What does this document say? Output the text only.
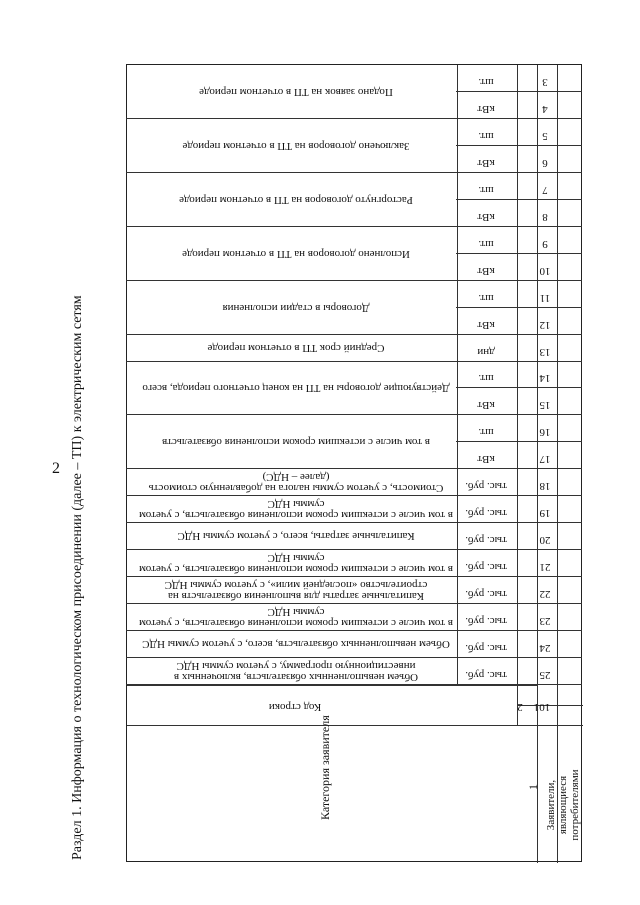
2 Раздел 1. Информация о технологическом присоединении (далее – ТП) к электрическим сетям
Подано заявок на ТП в отчетном периоде
шт.	3
кВт	4
Заключено договоров на ТП в отчетном периоде
шт.	5
кВт	6
Расторгнуто договоров на ТП в отчетном периоде
шт.	7
кВт	8
Исполнено договоров на ТП в отчетном периоде
шт.	9
кВт	10
Договоры в стадии исполнения
шт.	11
кВт	12
Средний срок ТП в отчетном периоде	дни	13
Действующие договоры на ТП на конец отчетного периода, всего
шт.	14
кВт	15
в том числе с истекшим сроком исполнения обязательств
шт.	16
кВт	17
Стоимость, с учетом суммы налога на добавленную стоимость (далее – НДС)
тыс. руб.	18
в том числе с истекшим сроком исполнения обязательств, с учетом суммы НДС
тыс. руб.	19
Капитальные затраты, всего, с учетом суммы НДС	тыс. руб.	20
в том числе с истекшим сроком исполнения обязательств, с учетом суммы НДС
тыс. руб.	21
Капитальные затраты для выполнения обязательств на строительство «последней мили», с учетом суммы НДС
тыс. руб.	22
в том числе с истекшим сроком исполнения обязательств, с учетом суммы НДС
тыс. руб.	23
Объем невыполненных обязательств, всего, с учетом суммы НДС	тыс. руб.	24
Объем невыполненных обязательств, включенных в инвестиционную программу, с учетом суммы НДС
тыс. руб.	25
Категория заявителя
Код строки	2	101
1 Заявители, являющиеся потребителями
